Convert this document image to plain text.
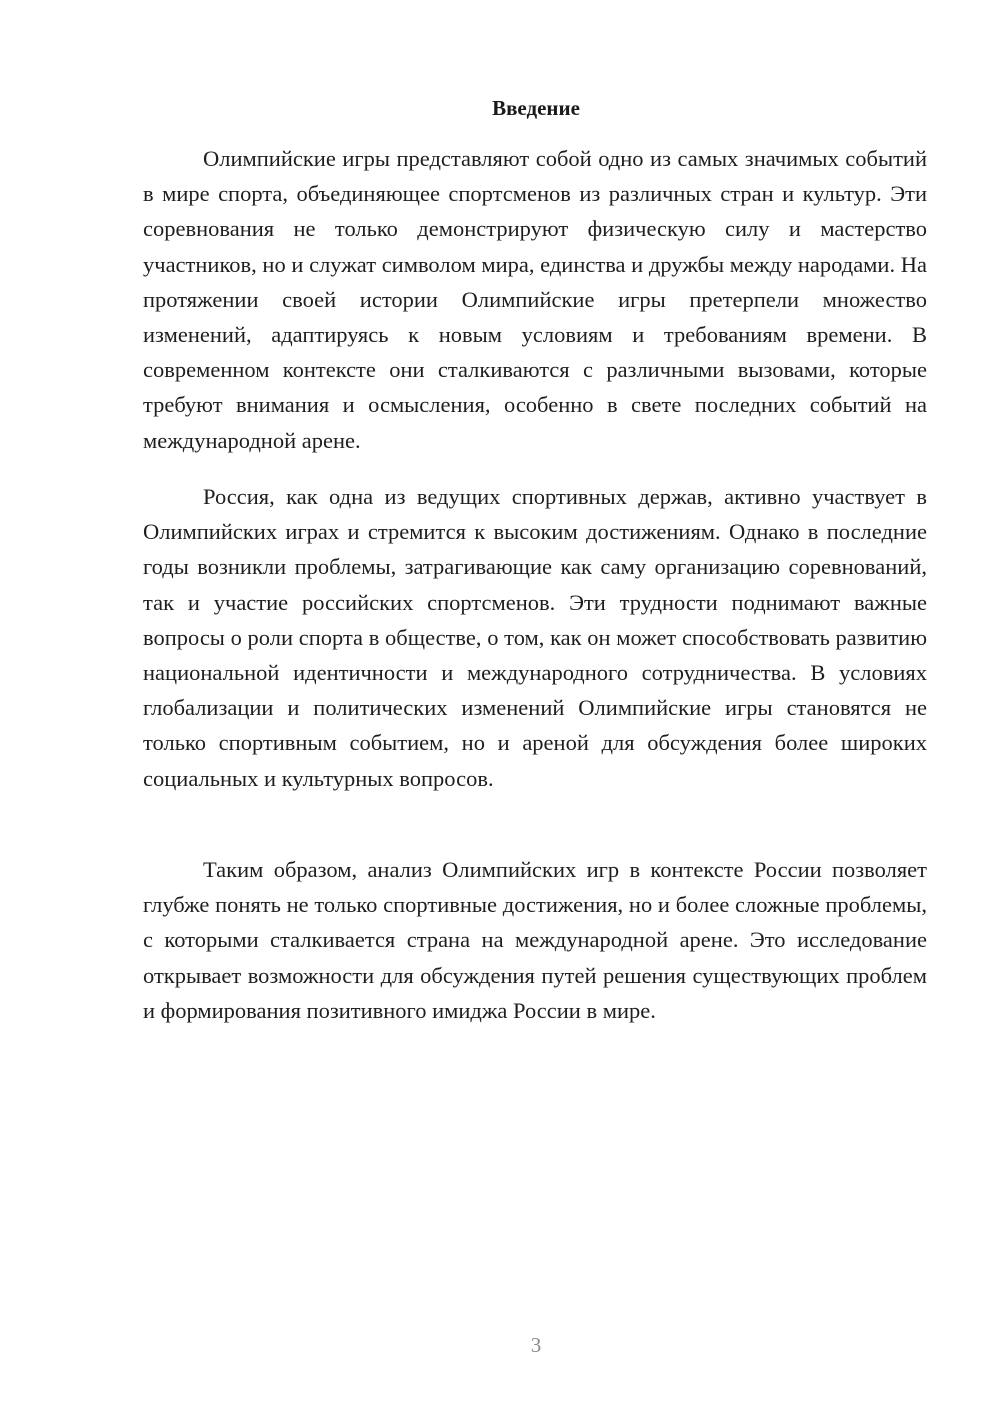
Введение

Олимпийские игры представляют собой одно из самых значимых событий в мире спорта, объединяющее спортсменов из различных стран и культур. Эти соревнования не только демонстрируют физическую силу и мастерство участников, но и служат символом мира, единства и дружбы между народами. На протяжении своей истории Олимпийские игры претерпели множество изменений, адаптируясь к новым условиям и требованиям времени. В современном контексте они сталкиваются с различными вызовами, которые требуют внимания и осмысления, особенно в свете последних событий на международной арене.

Россия, как одна из ведущих спортивных держав, активно участвует в Олимпийских играх и стремится к высоким достижениям. Однако в последние годы возникли проблемы, затрагивающие как саму организацию соревнований, так и участие российских спортсменов. Эти трудности поднимают важные вопросы о роли спорта в обществе, о том, как он может способствовать развитию национальной идентичности и международного сотрудничества. В условиях глобализации и политических изменений Олимпийские игры становятся не только спортивным событием, но и ареной для обсуждения более широких социальных и культурных вопросов.

Таким образом, анализ Олимпийских игр в контексте России позволяет глубже понять не только спортивные достижения, но и более сложные проблемы, с которыми сталкивается страна на международной арене. Это исследование открывает возможности для обсуждения путей решения существующих проблем и формирования позитивного имиджа России в мире.

3
